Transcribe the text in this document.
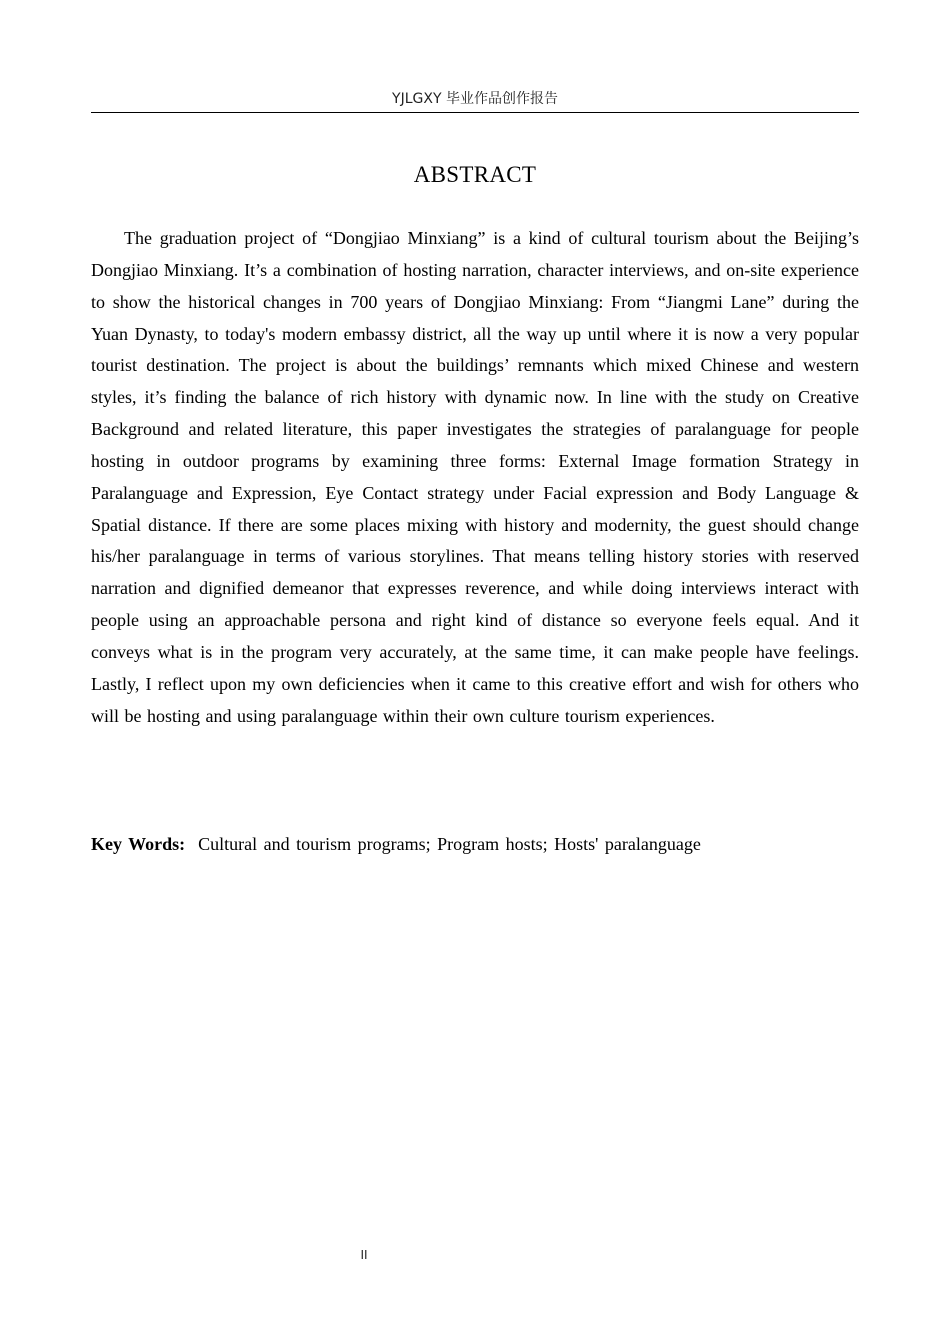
YJLGXY 毕业作品创作报告
ABSTRACT

The graduation project of “Dongjiao Minxiang” is a kind of cultural tourism about the Beijing’s Dongjiao Minxiang. It’s a combination of hosting narration, character interviews, and on-site experience to show the historical changes in 700 years of Dongjiao Minxiang: From “Jiangmi Lane” during the Yuan Dynasty, to today's modern embassy district, all the way up until where it is now a very popular tourist destination. The project is about the buildings’ remnants which mixed Chinese and western styles, it’s finding the balance of rich history with dynamic now. In line with the study on Creative Background and related literature, this paper investigates the strategies of paralanguage for people hosting in outdoor programs by examining three forms: External Image formation Strategy in Paralanguage and Expression, Eye Contact strategy under Facial expression and Body Language & Spatial distance. If there are some places mixing with history and modernity, the guest should change his/her paralanguage in terms of various storylines. That means telling history stories with reserved narration and dignified demeanor that expresses reverence, and while doing interviews interact with people using an approachable persona and right kind of distance so everyone feels equal. And it conveys what is in the program very accurately, at the same time, it can make people have feelings. Lastly, I reflect upon my own deficiencies when it came to this creative effort and wish for others who will be hosting and using paralanguage within their own culture tourism experiences.

Key Words: Cultural and tourism programs; Program hosts; Hosts' paralanguage

II
